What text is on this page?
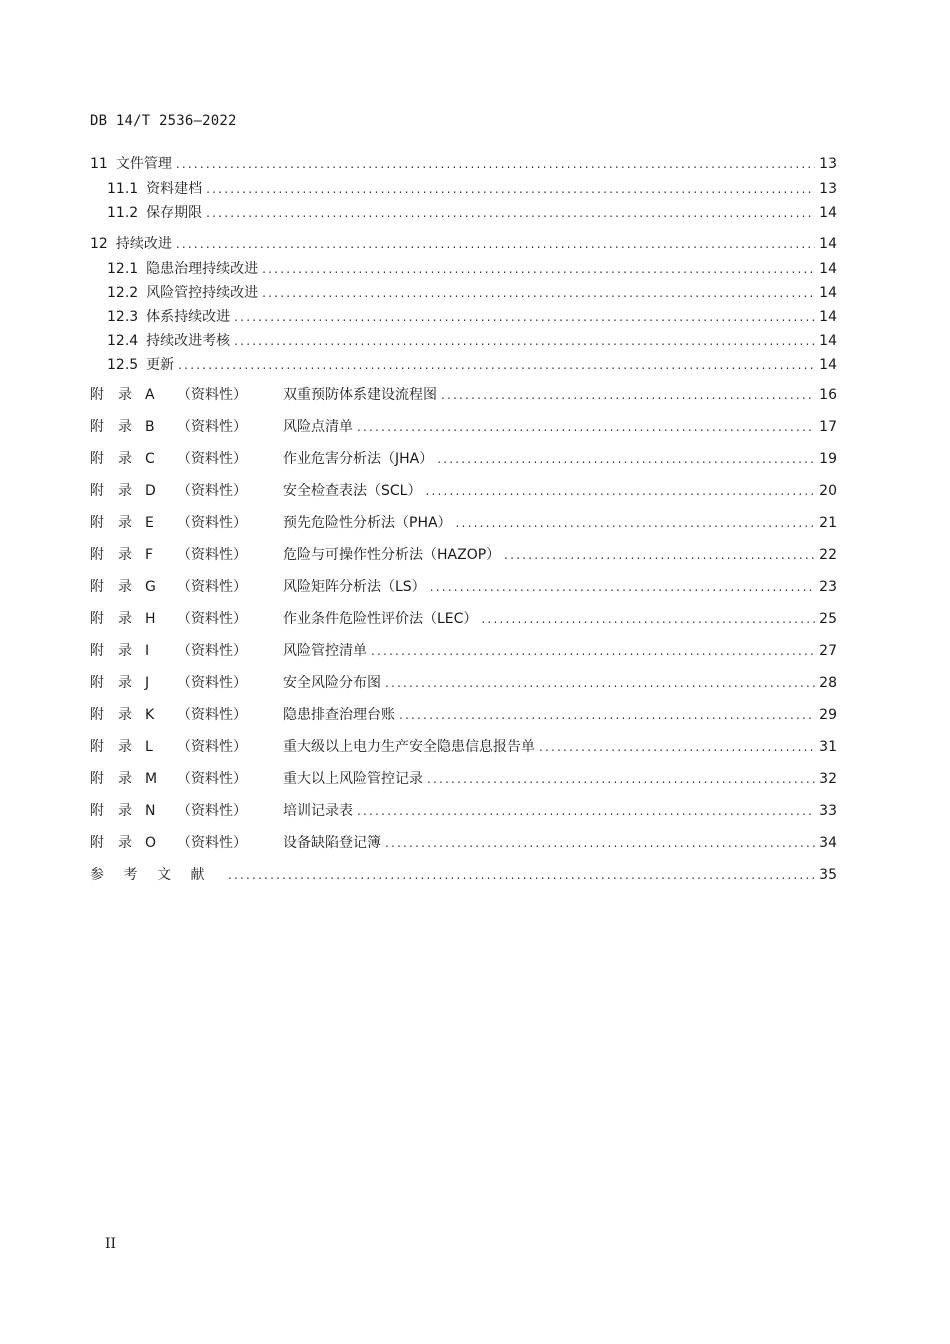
DB 14/T 2536—2022
11 文件管理 .....	13
11.1 资料建档 .....	13
11.2 保存期限 .....	14
12 持续改进 .....	14
12.1 隐患治理持续改进 .....	14
12.2 风险管控持续改进 .....	14
12.3 体系持续改进 .....	14
12.4 持续改进考核 .....	14
12.5 更新 .....	14
附　录 A	（资料性）	双重预防体系建设流程图 .....	16
附　录 B	（资料性）	风险点清单 .....	17
附　录 C	（资料性）	作业危害分析法（JHA） .....	19
附　录 D	（资料性）	安全检查表法（SCL） .....	20
附　录 E	（资料性）	预先危险性分析法（PHA） .....	21
附　录 F	（资料性）	危险与可操作性分析法（HAZOP） .....	22
附　录 G	（资料性）	风险矩阵分析法（LS） .....	23
附　录 H	（资料性）	作业条件危险性评价法（LEC） .....	25
附　录 I	（资料性）	风险管控清单 .....	27
附　录 J	（资料性）	安全风险分布图 .....	28
附　录 K	（资料性）	隐患排查治理台账 .....	29
附　录 L	（资料性）	重大级以上电力生产安全隐患信息报告单 .....	31
附　录 M	（资料性）	重大以上风险管控记录 .....	32
附　录 N	（资料性）	培训记录表 .....	33
附　录 O	（资料性）	设备缺陷登记簿 .....	34
参考文献 .....	35
II
